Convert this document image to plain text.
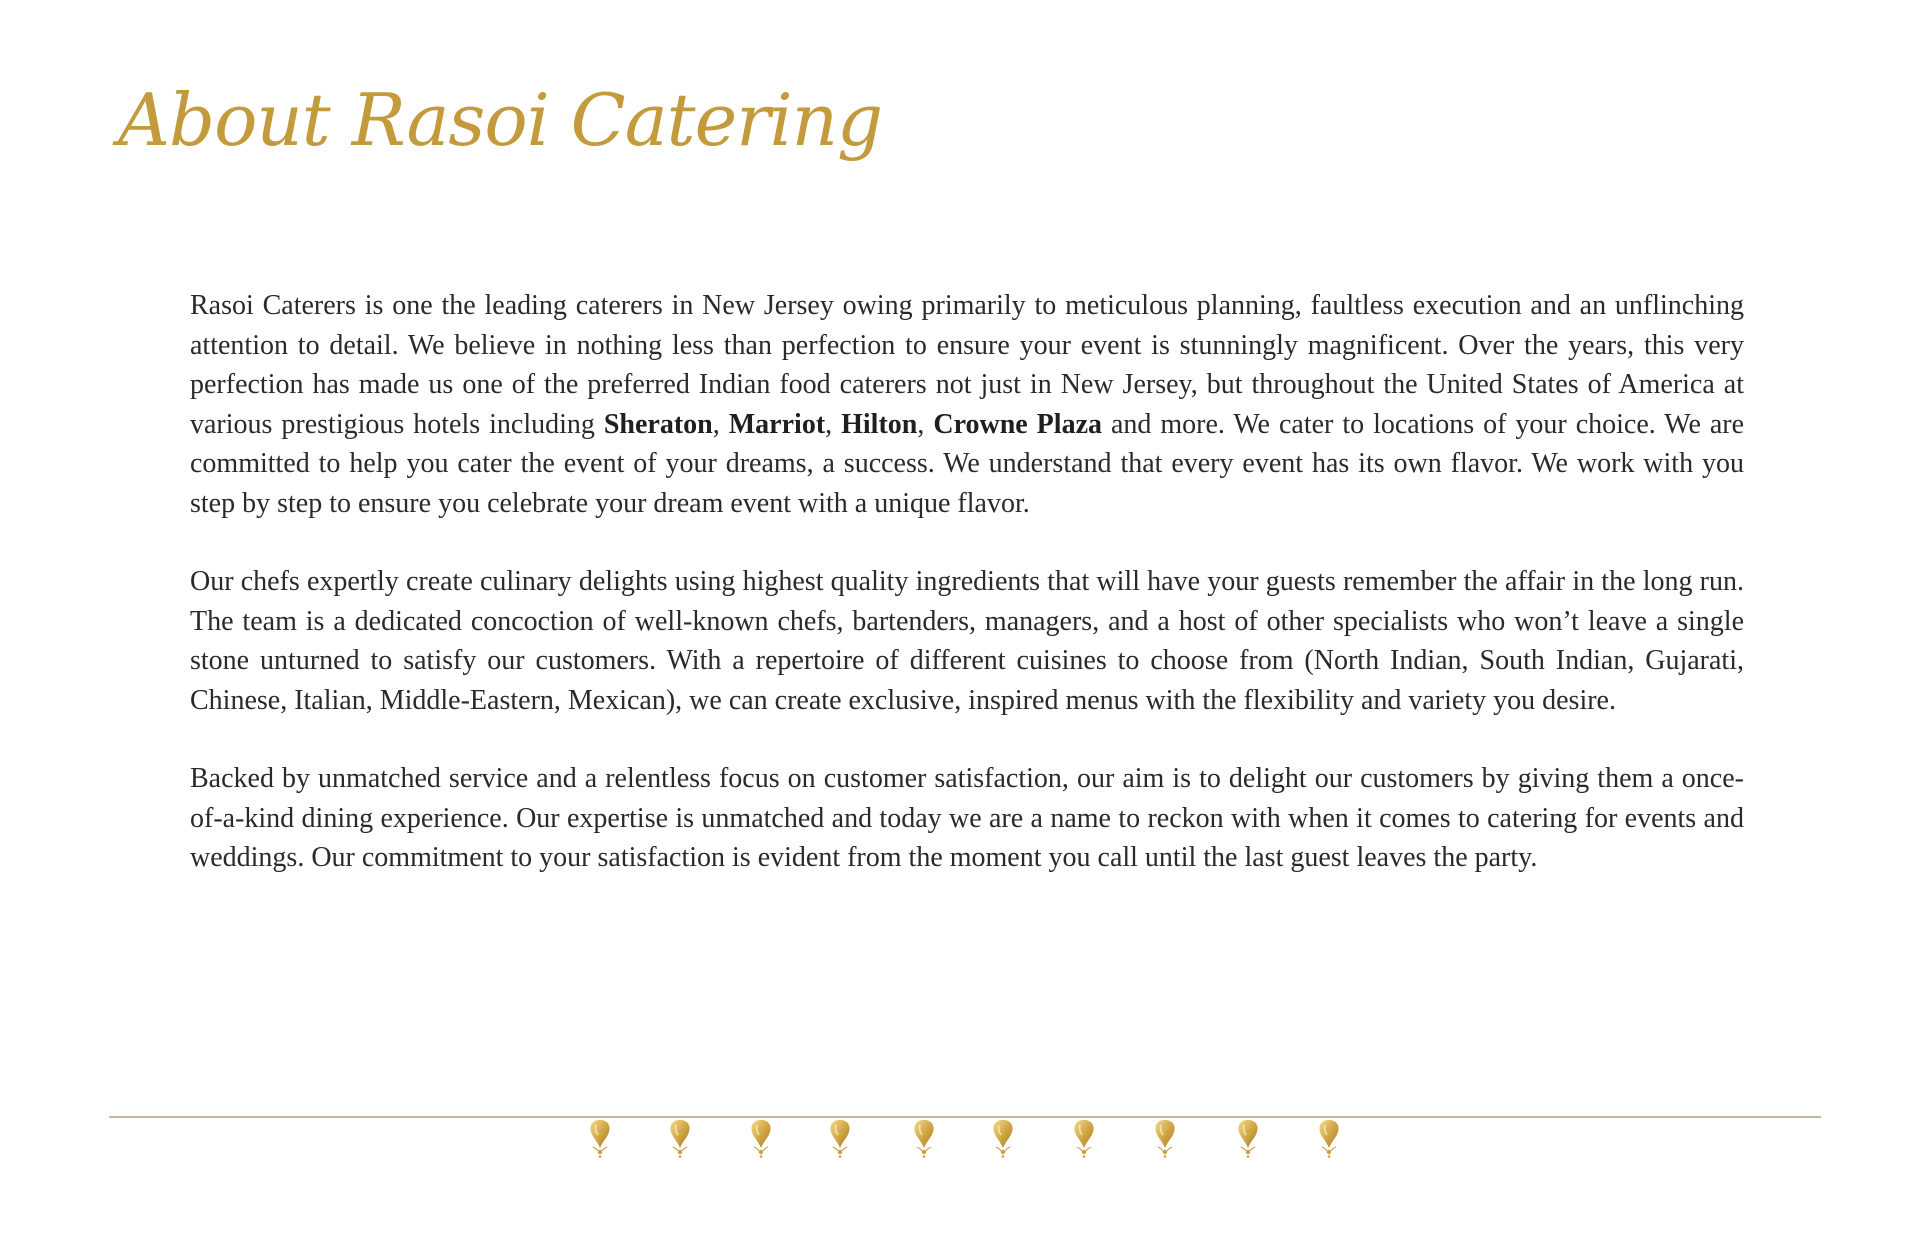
About Rasoi Catering

Rasoi Caterers is one the leading caterers in New Jersey owing primarily to meticulous planning, faultless execution and an unflinching attention to detail. We believe in nothing less than perfection to ensure your event is stunningly magnificent. Over the years, this very perfection has made us one of the preferred Indian food caterers not just in New Jersey, but throughout the United States of America at various prestigious hotels including Sheraton, Marriot, Hilton, Crowne Plaza and more. We cater to locations of your choice. We are committed to help you cater the event of your dreams, a success. We understand that every event has its own flavor. We work with you step by step to ensure you celebrate your dream event with a unique flavor.

Our chefs expertly create culinary delights using highest quality ingredients that will have your guests remember the affair in the long run. The team is a dedicated concoction of well-known chefs, bartenders, managers, and a host of other specialists who won’t leave a single stone unturned to satisfy our customers. With a repertoire of different cuisines to choose from (North Indian, South Indian, Gujarati, Chinese, Italian, Middle-Eastern, Mexican), we can create exclusive, inspired menus with the flexibility and variety you desire.

Backed by unmatched service and a relentless focus on customer satisfaction, our aim is to delight our customers by giving them a once-of-a-kind dining experience. Our expertise is unmatched and today we are a name to reckon with when it comes to catering for events and weddings. Our commitment to your satisfaction is evident from the moment you call until the last guest leaves the party.
